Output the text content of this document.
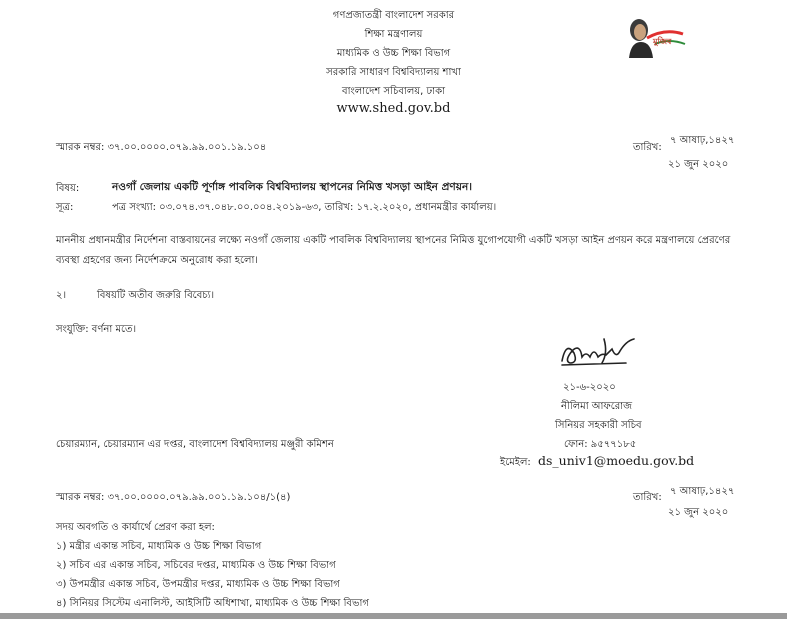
গণপ্রজাতন্ত্রী বাংলাদেশ সরকার
শিক্ষা মন্ত্রণালয়
মাধ্যমিক ও উচ্চ শিক্ষা বিভাগ
সরকারি সাধারণ বিশ্ববিদ্যালয় শাখা
বাংলাদেশ সচিবালয়, ঢাকা
www.shed.gov.bd
মুজিব
স্মারক নম্বর: ৩৭.০০.০০০০.০৭৯.৯৯.০০১.১৯.১০৪	তারিখ:
৭ আষাঢ়,১৪২৭
২১ জুন ২০২০
বিষয়:	নওগাঁ জেলায় একটি পূর্ণাঙ্গ পাবলিক বিশ্ববিদ্যালয় স্থাপনের নিমিত্ত খসড়া আইন প্রণয়ন।
সূত্র:	পত্র সংখ্যা: ০৩.০৭৪.৩৭.০৪৮.০০.০০৪.২০১৯-৬৩, তারিখ: ১৭.২.২০২০, প্রধানমন্ত্রীর কার্যালয়।
মাননীয় প্রধানমন্ত্রীর নির্দেশনা বাস্তবায়নের লক্ষ্যে নওগাঁ জেলায় একটি পাবলিক বিশ্ববিদ্যালয় স্থাপনের নিমিত্ত যুগোপযোগী একটি খসড়া আইন প্রণয়ন করে মন্ত্রণালয়ে প্রেরণের ব্যবস্থা গ্রহণের জন্য নির্দেশক্রমে অনুরোধ করা হলো।
২।	বিষয়টি অতীব জরুরি বিবেচ্য।
সংযুক্তি: বর্ণনা মতে।
২১-৬-২০২০
নীলিমা আফরোজ
সিনিয়র সহকারী সচিব
ফোন: ৯৫৭৭১৮৫
ইমেইল: ds_univ1@moedu.gov.bd
চেয়ারম্যান, চেয়ারম্যান এর দপ্তর, বাংলাদেশ বিশ্ববিদ্যালয় মঞ্জুরী কমিশন
স্মারক নম্বর: ৩৭.০০.০০০০.০৭৯.৯৯.০০১.১৯.১০৪/১(৪)	তারিখ:
৭ আষাঢ়,১৪২৭
২১ জুন ২০২০
সদয় অবগতি ও কার্যার্থে প্রেরণ করা হল:
১) মন্ত্রীর একান্ত সচিব, মাধ্যমিক ও উচ্চ শিক্ষা বিভাগ
২) সচিব এর একান্ত সচিব, সচিবের দপ্তর, মাধ্যমিক ও উচ্চ শিক্ষা বিভাগ
৩) উপমন্ত্রীর একান্ত সচিব, উপমন্ত্রীর দপ্তর, মাধ্যমিক ও উচ্চ শিক্ষা বিভাগ
৪) সিনিয়র সিস্টেম এনালিস্ট, আইসিটি অধিশাখা, মাধ্যমিক ও উচ্চ শিক্ষা বিভাগ
